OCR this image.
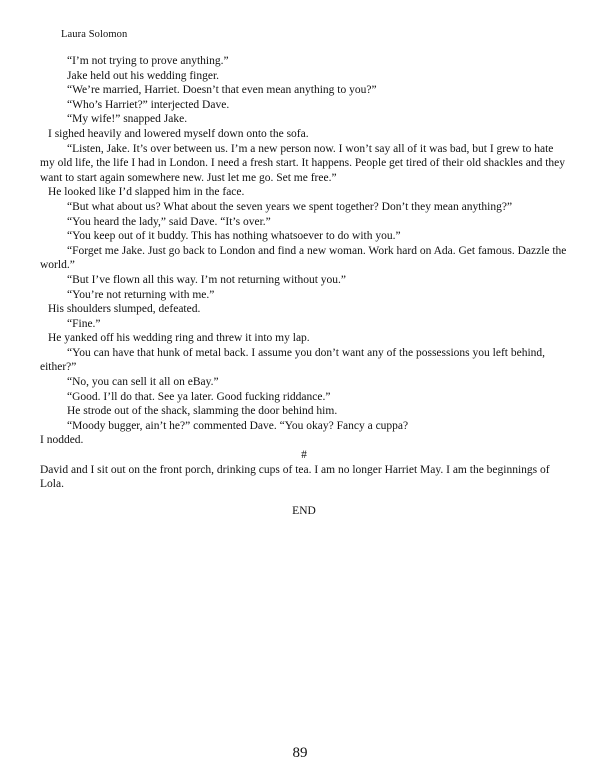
Laura Solomon

“I’m not trying to prove anything.”

Jake held out his wedding finger.

“We’re married, Harriet. Doesn’t that even mean anything to you?”

“Who’s Harriet?” interjected Dave.

“My wife!” snapped Jake.

I sighed heavily and lowered myself down onto the sofa.

“Listen, Jake. It’s over between us. I’m a new person now. I won’t say all of it was bad, but I grew to hate my old life, the life I had in London. I need a fresh start. It happens. People get tired of their old shackles and they want to start again somewhere new. Just let me go. Set me free.”

He looked like I’d slapped him in the face.

“But what about us? What about the seven years we spent together? Don’t they mean anything?”

“You heard the lady,” said Dave. “It’s over.”

“You keep out of it buddy. This has nothing whatsoever to do with you.”

“Forget me Jake. Just go back to London and find a new woman. Work hard on Ada. Get famous. Dazzle the world.”

“But I’ve flown all this way. I’m not returning without you.”

“You’re not returning with me.”

His shoulders slumped, defeated.

“Fine.”

He yanked off his wedding ring and threw it into my lap.

“You can have that hunk of metal back. I assume you don’t want any of the possessions you left behind, either?”

“No, you can sell it all on eBay.”

“Good. I’ll do that. See ya later. Good fucking riddance.”

He strode out of the shack, slamming the door behind him.

“Moody bugger, ain’t he?” commented Dave. “You okay? Fancy a cuppa?

I nodded.

#

David and I sit out on the front porch, drinking cups of tea. I am no longer Harriet May. I am the beginnings of Lola.

END

89
